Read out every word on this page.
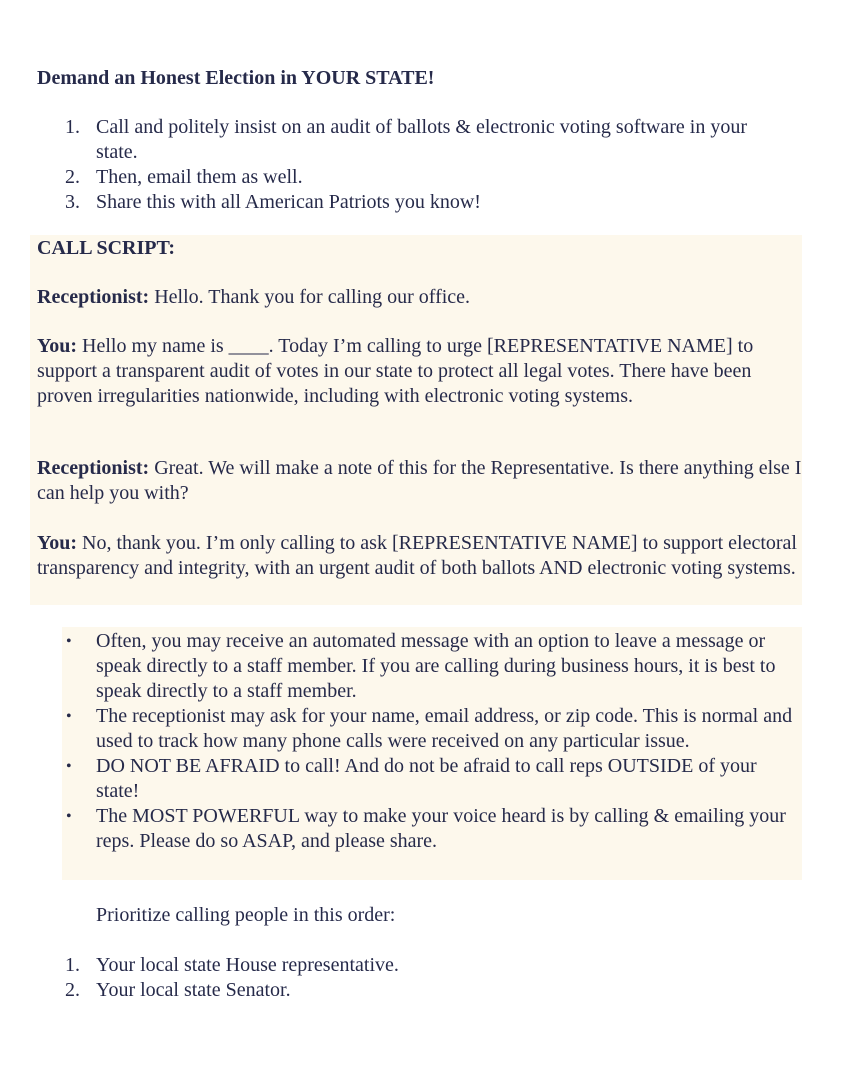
Demand an Honest Election in YOUR STATE!
1. Call and politely insist on an audit of ballots & electronic voting software in your state.
2. Then, email them as well.
3. Share this with all American Patriots you know!
CALL SCRIPT:

Receptionist: Hello. Thank you for calling our office.

You: Hello my name is ____. Today I’m calling to urge [REPRESENTATIVE NAME] to support a transparent audit of votes in our state to protect all legal votes. There have been proven irregularities nationwide, including with electronic voting systems.

Receptionist: Great. We will make a note of this for the Representative. Is there anything else I can help you with?

You: No, thank you. I’m only calling to ask [REPRESENTATIVE NAME] to support electoral transparency and integrity, with an urgent audit of both ballots AND electronic voting systems.

• Often, you may receive an automated message with an option to leave a message or speak directly to a staff member. If you are calling during business hours, it is best to speak directly to a staff member.
• The receptionist may ask for your name, email address, or zip code. This is normal and used to track how many phone calls were received on any particular issue.
• DO NOT BE AFRAID to call! And do not be afraid to call reps OUTSIDE of your state!
• The MOST POWERFUL way to make your voice heard is by calling & emailing your reps. Please do so ASAP, and please share.

Prioritize calling people in this order:

1. Your local state House representative.
2. Your local state Senator.
